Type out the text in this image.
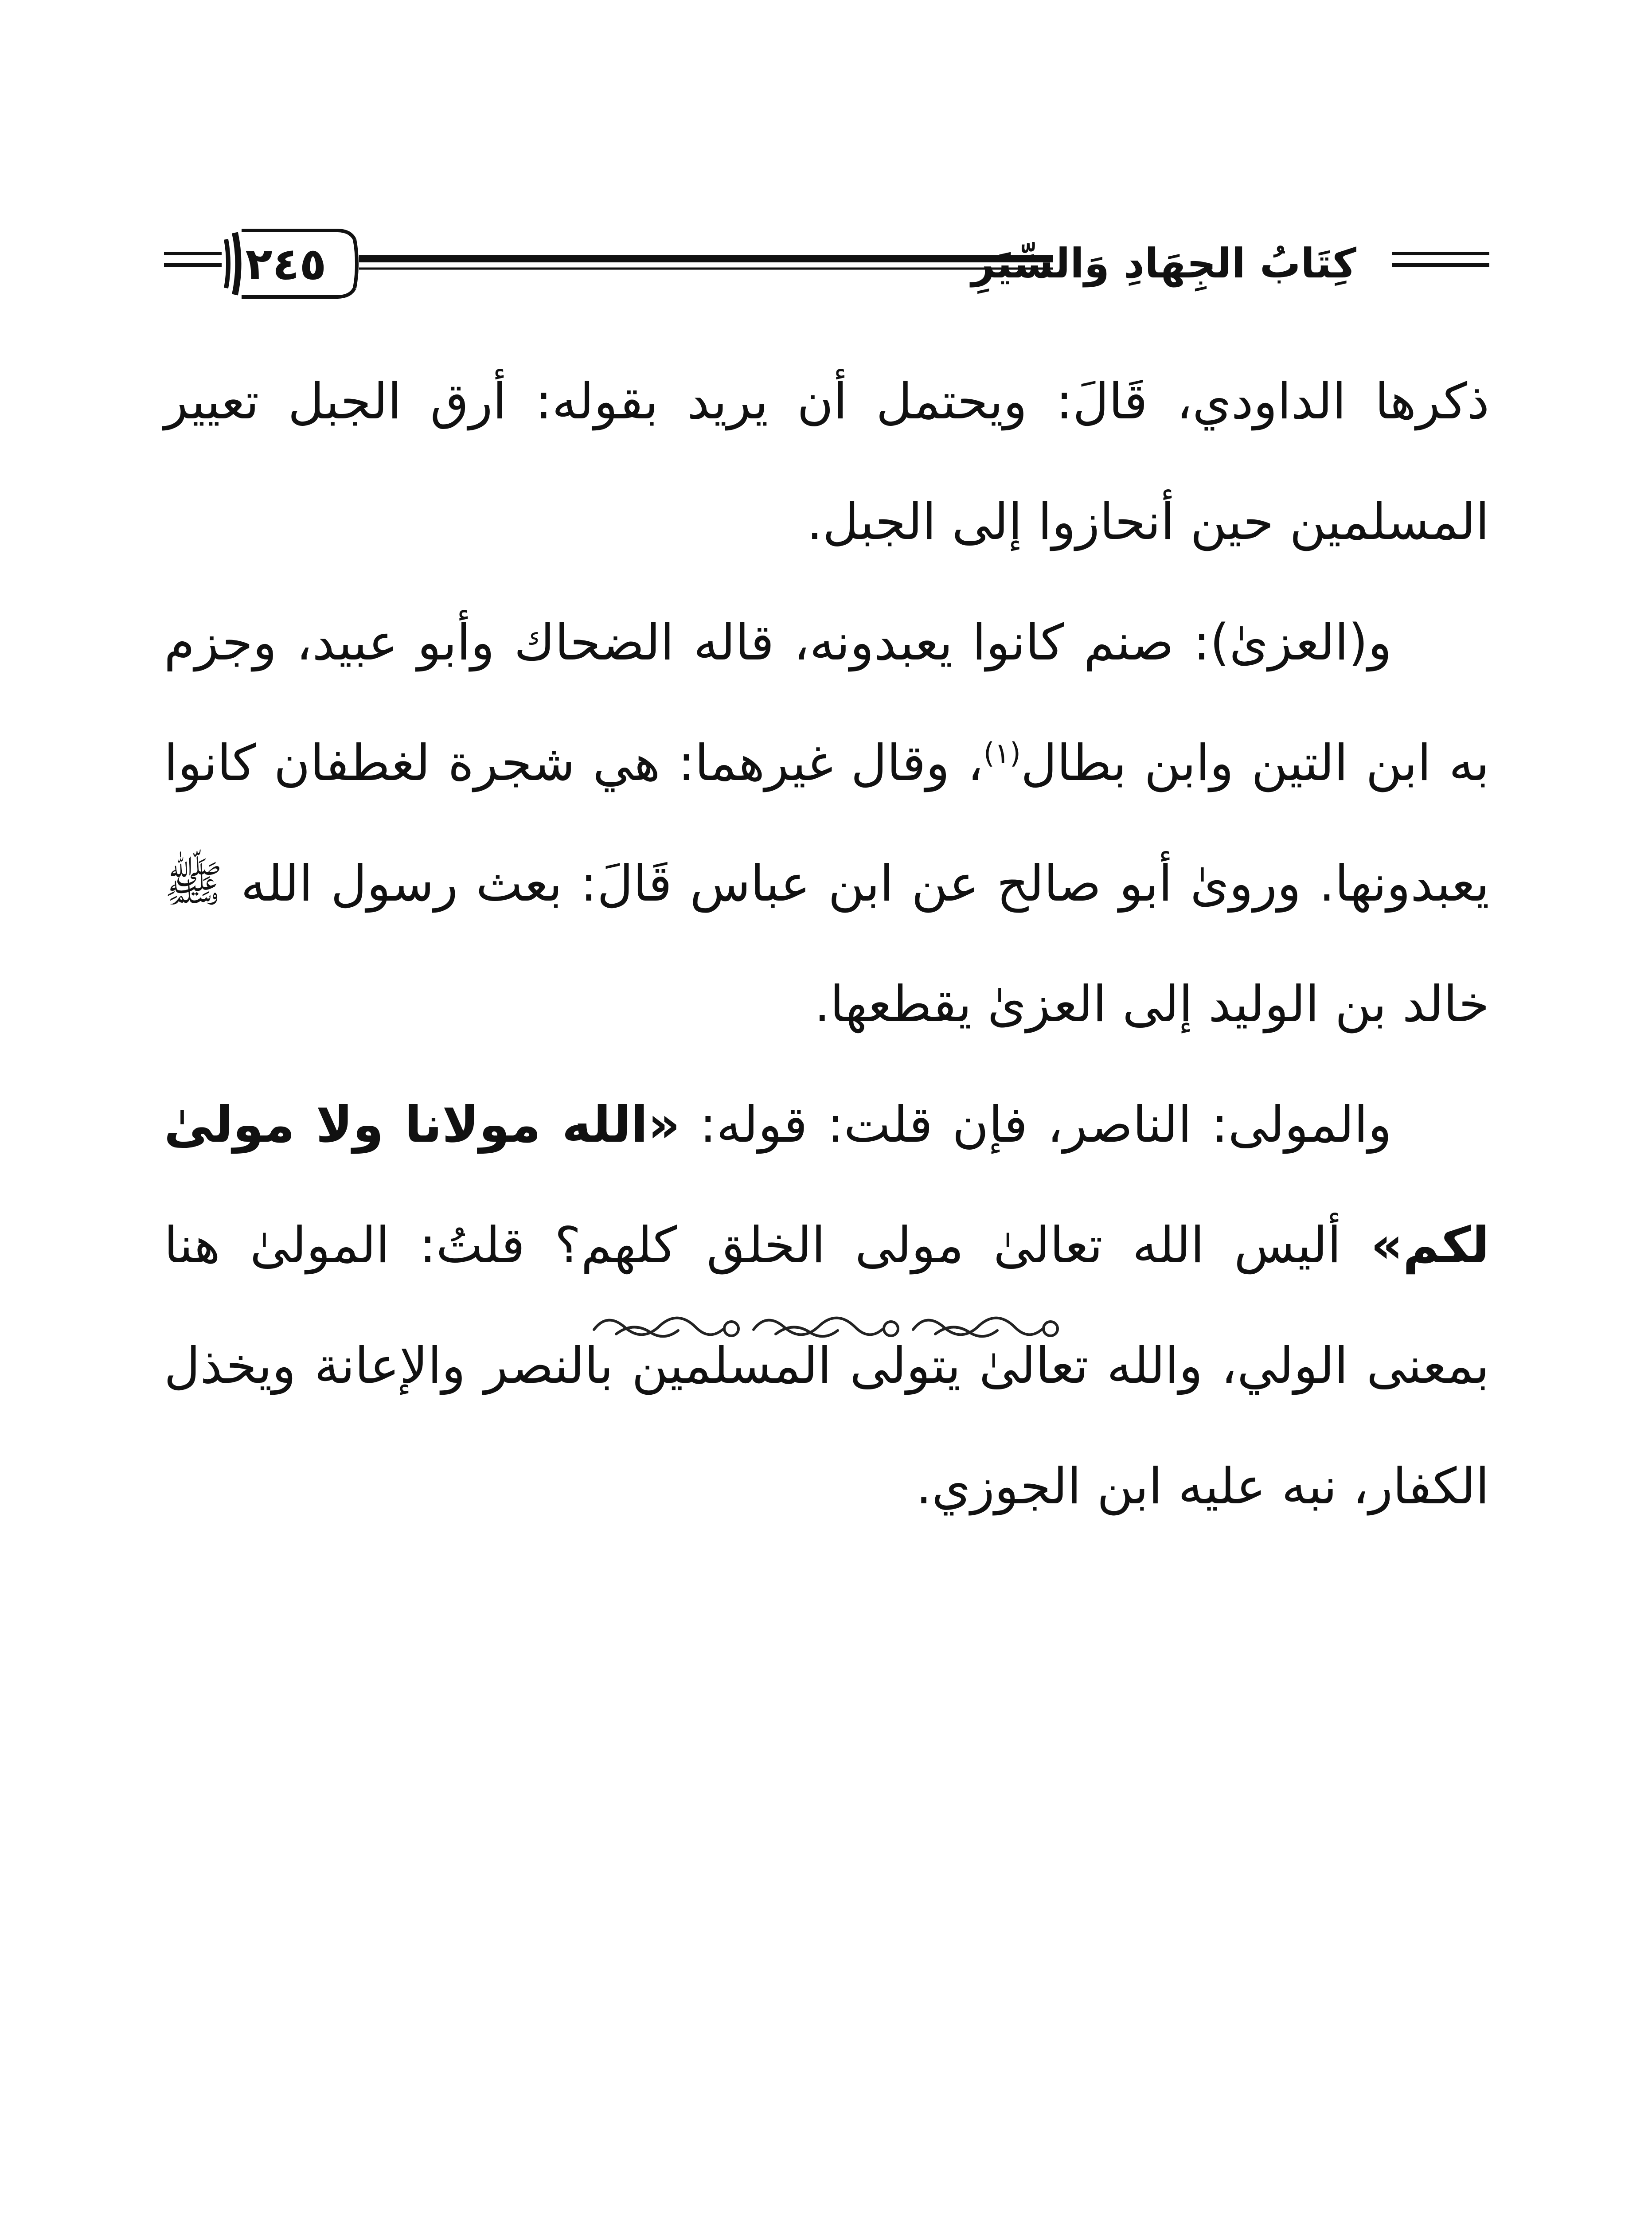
٢٤٥	كِتَابُ الجِهَادِ وَالسِّيَرِ

ذكرها الداودي، قَالَ: ويحتمل أن يريد بقوله: أرق الجبل تعيير المسلمين حين أنحازوا إلى الجبل.

و(العزىٰ): صنم كانوا يعبدونه، قاله الضحاك وأبو عبيد، وجزم به ابن التين وابن بطال$^{(١)}$، وقال غيرهما: هي شجرة لغطفان كانوا يعبدونها. وروىٰ أبو صالح عن ابن عباس قَالَ: بعث رسول الله ﷺ خالد بن الوليد إلى العزىٰ يقطعها.

والمولى: الناصر، فإن قلت: قوله: «الله مولانا ولا مولىٰ لكم» أليس الله تعالىٰ مولى الخلق كلهم؟ قلتُ: المولىٰ هنا بمعنى الولي، والله تعالىٰ يتولى المسلمين بالنصر والإعانة ويخذل الكفار، نبه عليه ابن الجوزي.
